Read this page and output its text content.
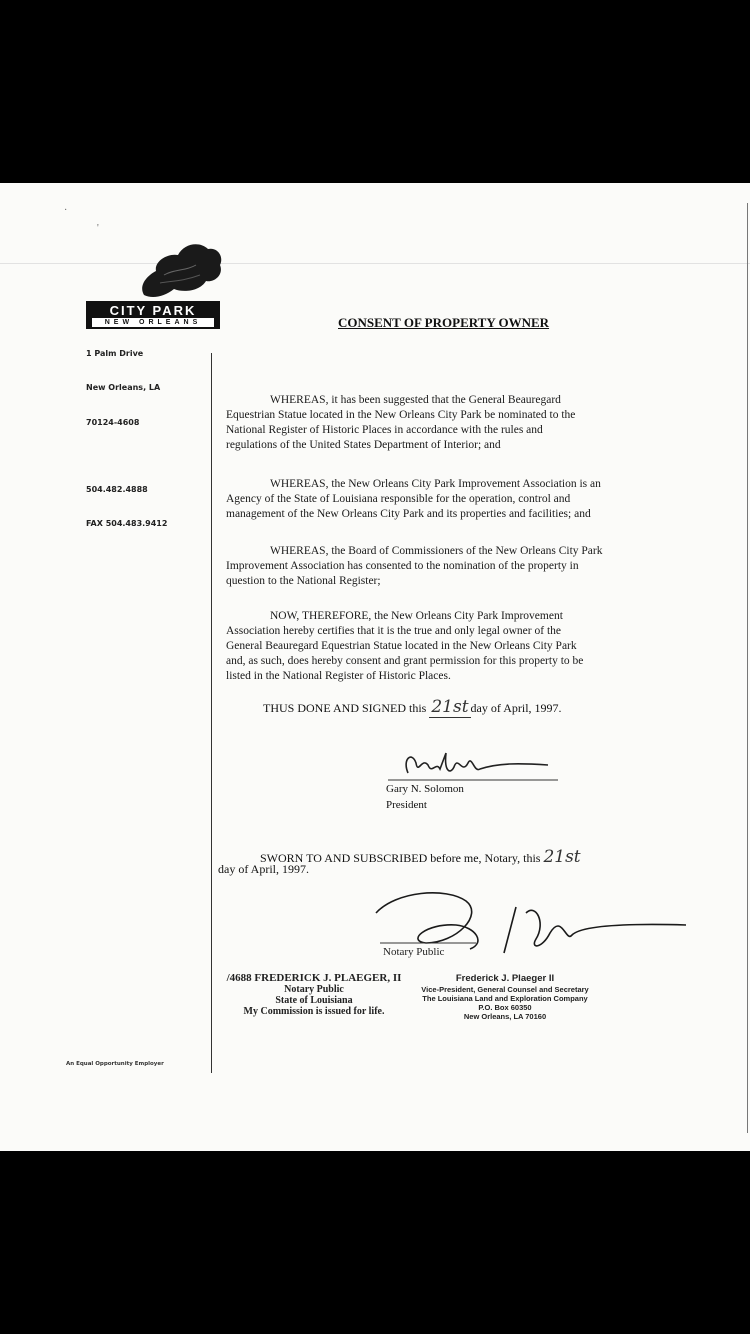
·
'
CITY PARK
NEW ORLEANS
1 Palm Drive
New Orleans, LA
70124-4608
504.482.4888
FAX 504.483.9412
An Equal Opportunity Employer
CONSENT OF PROPERTY OWNER
WHEREAS, it has been suggested that the General Beauregard
Equestrian Statue located in the New Orleans City Park be nominated to the
National Register of Historic Places in accordance with the rules and
regulations of the United States Department of Interior; and
WHEREAS, the New Orleans City Park Improvement Association is an
Agency of the State of Louisiana responsible for the operation, control and
management of the New Orleans City Park and its properties and facilities; and
WHEREAS, the Board of Commissioners of the New Orleans City Park
Improvement Association has consented to the nomination of the property in
question to the National Register;
NOW, THEREFORE, the New Orleans City Park Improvement
Association hereby certifies that it is the true and only legal owner of the
General Beauregard Equestrian Statue located in the New Orleans City Park
and, as such, does hereby consent and grant permission for this property to be
listed in the National Register of Historic Places.
THUS DONE AND SIGNED this 21st day of April, 1997.
Gary N. Solomon
President
SWORN TO AND SUBSCRIBED before me, Notary, this 21st
day of April, 1997.
Notary Public
/4688 FREDERICK J. PLAEGER, II
Notary Public
State of Louisiana
My Commission is issued for life.
Frederick J. Plaeger II
Vice-President, General Counsel and Secretary
The Louisiana Land and Exploration Company
P.O. Box 60350
New Orleans, LA 70160
